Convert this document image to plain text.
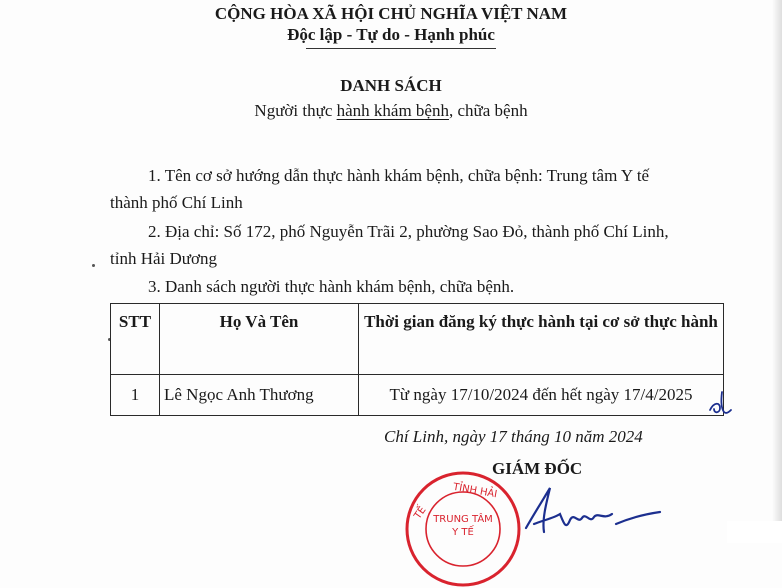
CỘNG HÒA XÃ HỘI CHỦ NGHĨA VIỆT NAM
Độc lập - Tự do - Hạnh phúc
DANH SÁCH
Người thực hành khám bệnh, chữa bệnh
1. Tên cơ sở hướng dẫn thực hành khám bệnh, chữa bệnh: Trung tâm Y tế
thành phố Chí Linh
2. Địa chỉ: Số 172, phố Nguyễn Trãi 2, phường Sao Đỏ, thành phố Chí Linh,
tỉnh Hải Dương
3. Danh sách người thực hành khám bệnh, chữa bệnh.
STT	Họ Và Tên	Thời gian đăng ký thực hành tại cơ sở thực hành
1	Lê Ngọc Anh Thương	Từ ngày 17/10/2024 đến hết ngày 17/4/2025
Chí Linh, ngày 17 tháng 10 năm 2024
GIÁM ĐỐC
TỈNH HẢI
TẾ TRUNG TÂM
Y TẾ
